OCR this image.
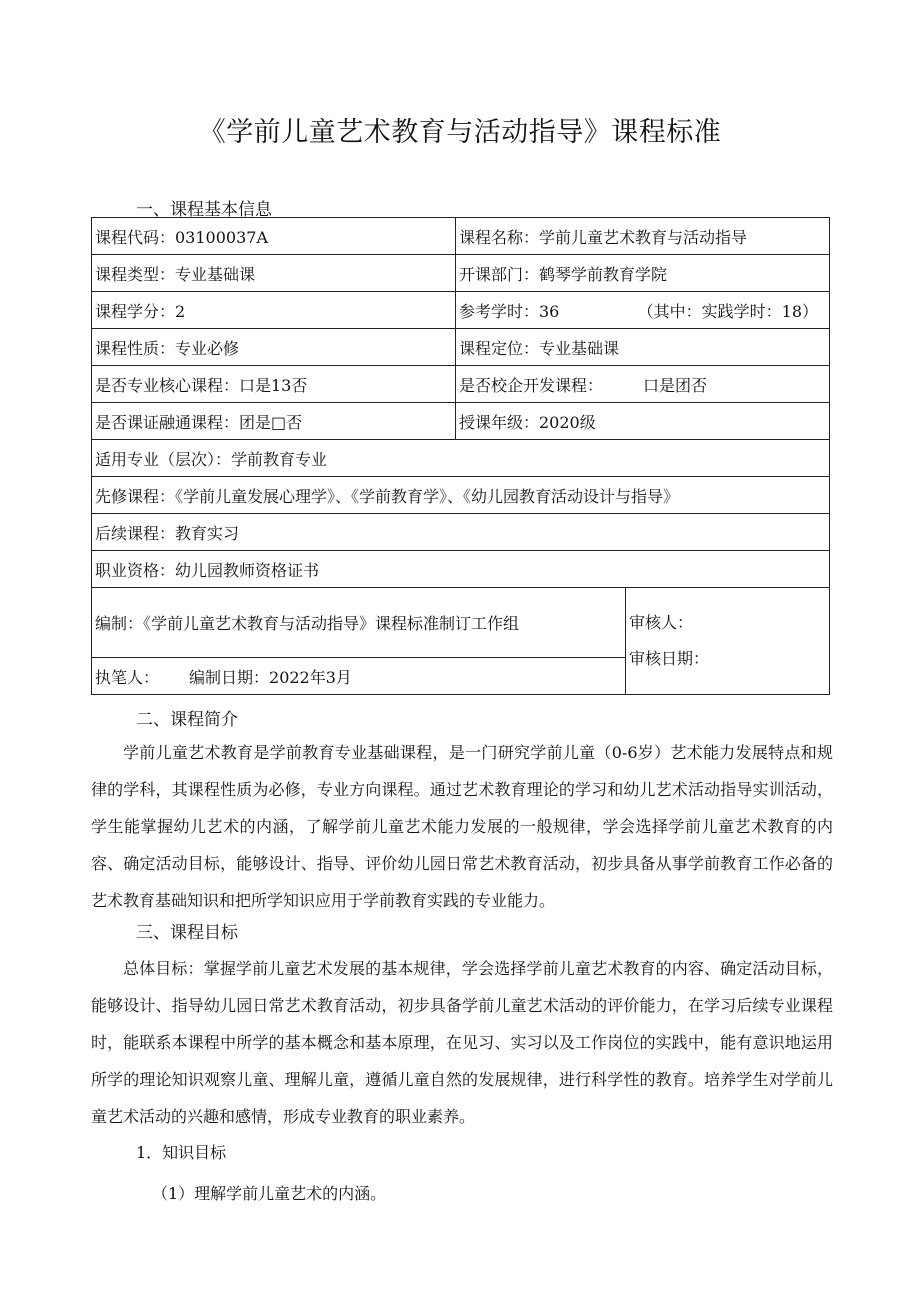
《学前儿童艺术教育与活动指导》课程标准
一、课程基本信息
课程代码：03100037A	课程名称：学前儿童艺术教育与活动指导	
课程类型：专业基础课	开课部门：鹤琴学前教育学院	
课程学分：2	参考学时：36 （其中：实践学时：18）	

课程性质：专业必修	课程定位：专业基础课	
是否专业核心课程：口是13否	是否校企开发课程： 口是团否	
是否课证融通课程：团是□否	授课年级：2020级	
适用专业（层次）：学前教育专业		
先修课程：《学前儿童发展心理学》、《学前教育学》、《幼儿园教育活动设计与指导》		
后续课程：教育实习		
职业资格：幼儿园教师资格证书		
编制：《学前儿童艺术教育与活动指导》课程标准制订工作组		审核人：
审核日期：

执笔人： 编制日期：2022年3月		
二、课程简介
学前儿童艺术教育是学前教育专业基础课程，是一门研究学前儿童（0-6岁）艺术能力发展特点和规律的学科，其课程性质为必修，专业方向课程。通过艺术教育理论的学习和幼儿艺术活动指导实训活动，学生能掌握幼儿艺术的内涵，了解学前儿童艺术能力发展的一般规律，学会选择学前儿童艺术教育的内容、确定活动目标，能够设计、指导、评价幼儿园日常艺术教育活动，初步具备从事学前教育工作必备的艺术教育基础知识和把所学知识应用于学前教育实践的专业能力。
三、课程目标
总体目标：掌握学前儿童艺术发展的基本规律，学会选择学前儿童艺术教育的内容、确定活动目标，能够设计、指导幼儿园日常艺术教育活动，初步具备学前儿童艺术活动的评价能力，在学习后续专业课程时，能联系本课程中所学的基本概念和基本原理，在见习、实习以及工作岗位的实践中，能有意识地运用所学的理论知识观察儿童、理解儿童，遵循儿童自然的发展规律，进行科学性的教育。培养学生对学前儿童艺术活动的兴趣和感情，形成专业教育的职业素养。
1．知识目标
（1）理解学前儿童艺术的内涵。
